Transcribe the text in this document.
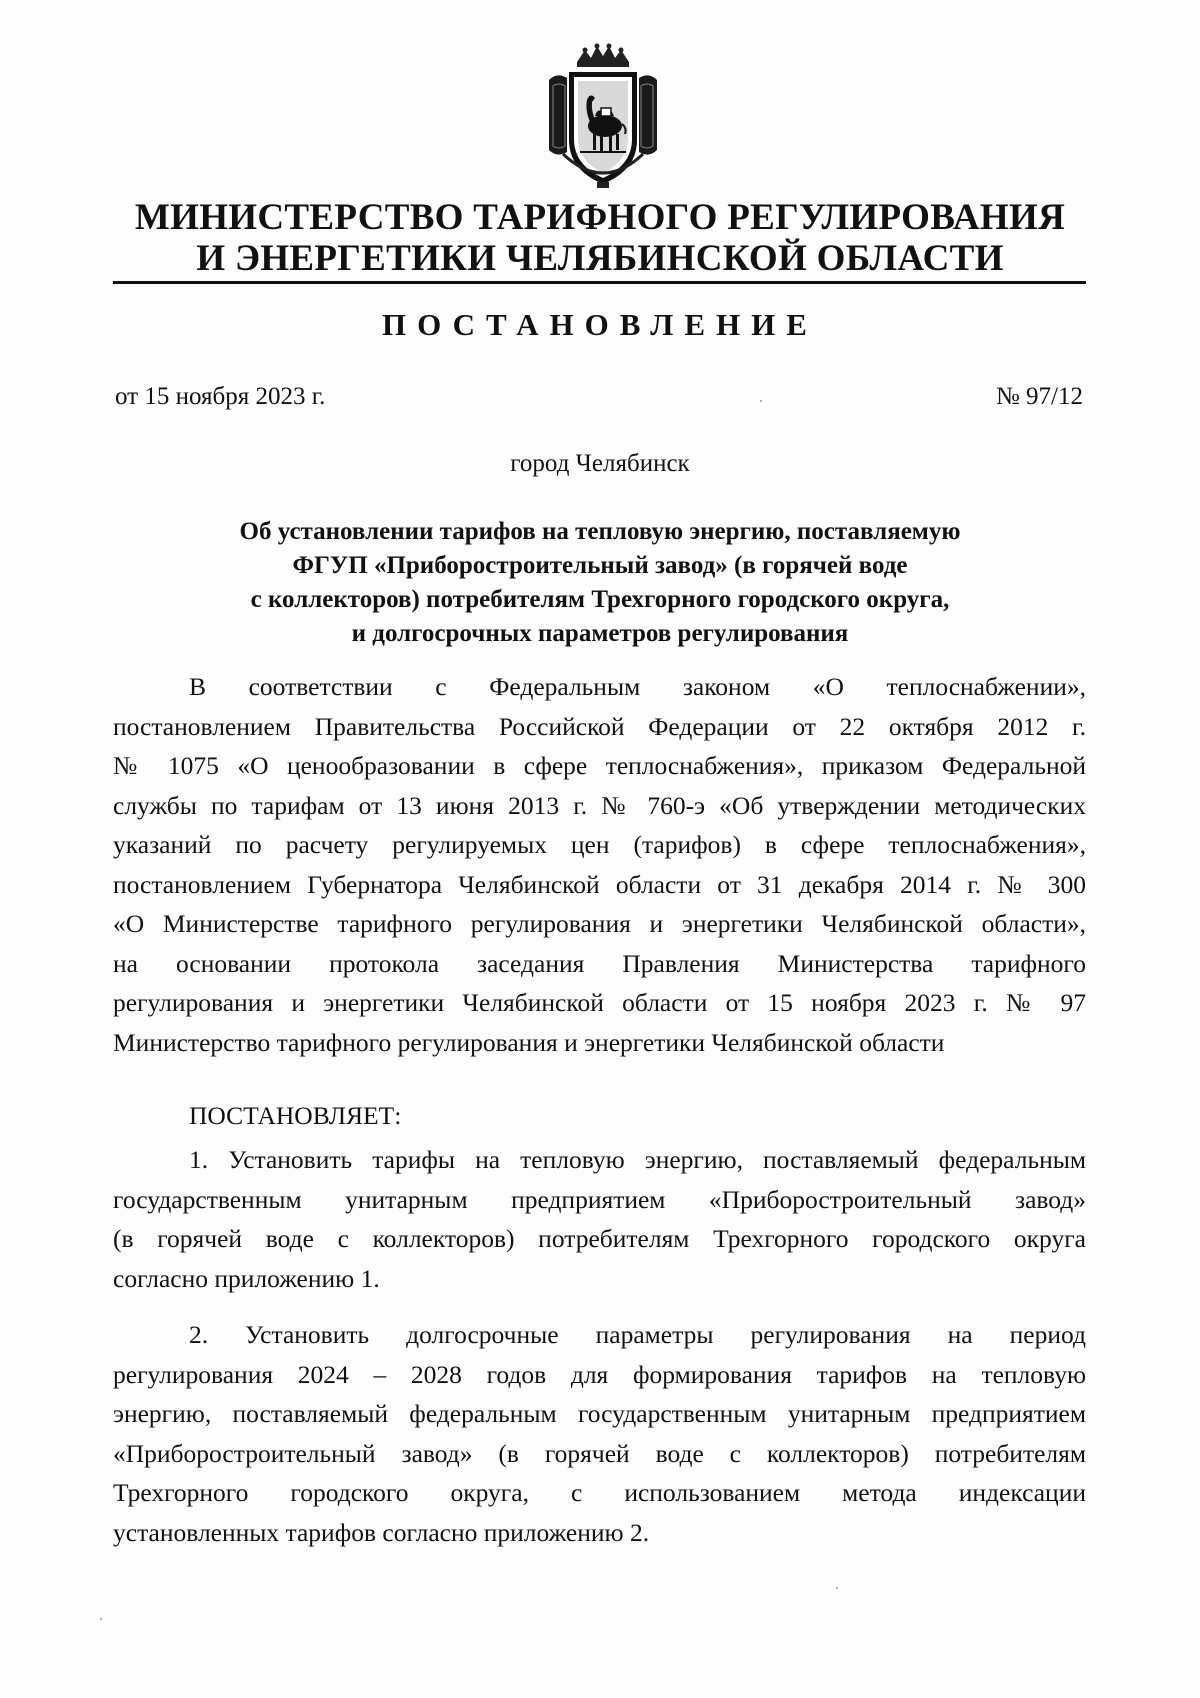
МИНИСТЕРСТВО ТАРИФНОГО РЕГУЛИРОВАНИЯ
И ЭНЕРГЕТИКИ ЧЕЛЯБИНСКОЙ ОБЛАСТИ
ПОСТАНОВЛЕНИЕ
от 15 ноября 2023 г.	№ 97/12
город Челябинск
Об установлении тарифов на тепловую энергию, поставляемую
ФГУП «Приборостроительный завод» (в горячей воде
с коллекторов) потребителям Трехгорного городского округа,
и долгосрочных параметров регулирования
В соответствии с Федеральным законом «О теплоснабжении»,
постановлением Правительства Российской Федерации от 22 октября 2012 г.
№ 1075 «О ценообразовании в сфере теплоснабжения», приказом Федеральной
службы по тарифам от 13 июня 2013 г. № 760-э «Об утверждении методических
указаний по расчету регулируемых цен (тарифов) в сфере теплоснабжения»,
постановлением Губернатора Челябинской области от 31 декабря 2014 г. № 300
«О Министерстве тарифного регулирования и энергетики Челябинской области»,
на основании протокола заседания Правления Министерства тарифного
регулирования и энергетики Челябинской области от 15 ноября 2023 г. № 97
Министерство тарифного регулирования и энергетики Челябинской области
ПОСТАНОВЛЯЕТ:
1. Установить тарифы на тепловую энергию, поставляемый федеральным
государственным унитарным предприятием «Приборостроительный завод»
(в горячей воде с коллекторов) потребителям Трехгорного городского округа
согласно приложению 1.
2. Установить долгосрочные параметры регулирования на период
регулирования 2024 – 2028 годов для формирования тарифов на тепловую
энергию, поставляемый федеральным государственным унитарным предприятием
«Приборостроительный завод» (в горячей воде с коллекторов) потребителям
Трехгорного городского округа, с использованием метода индексации
установленных тарифов согласно приложению 2.
